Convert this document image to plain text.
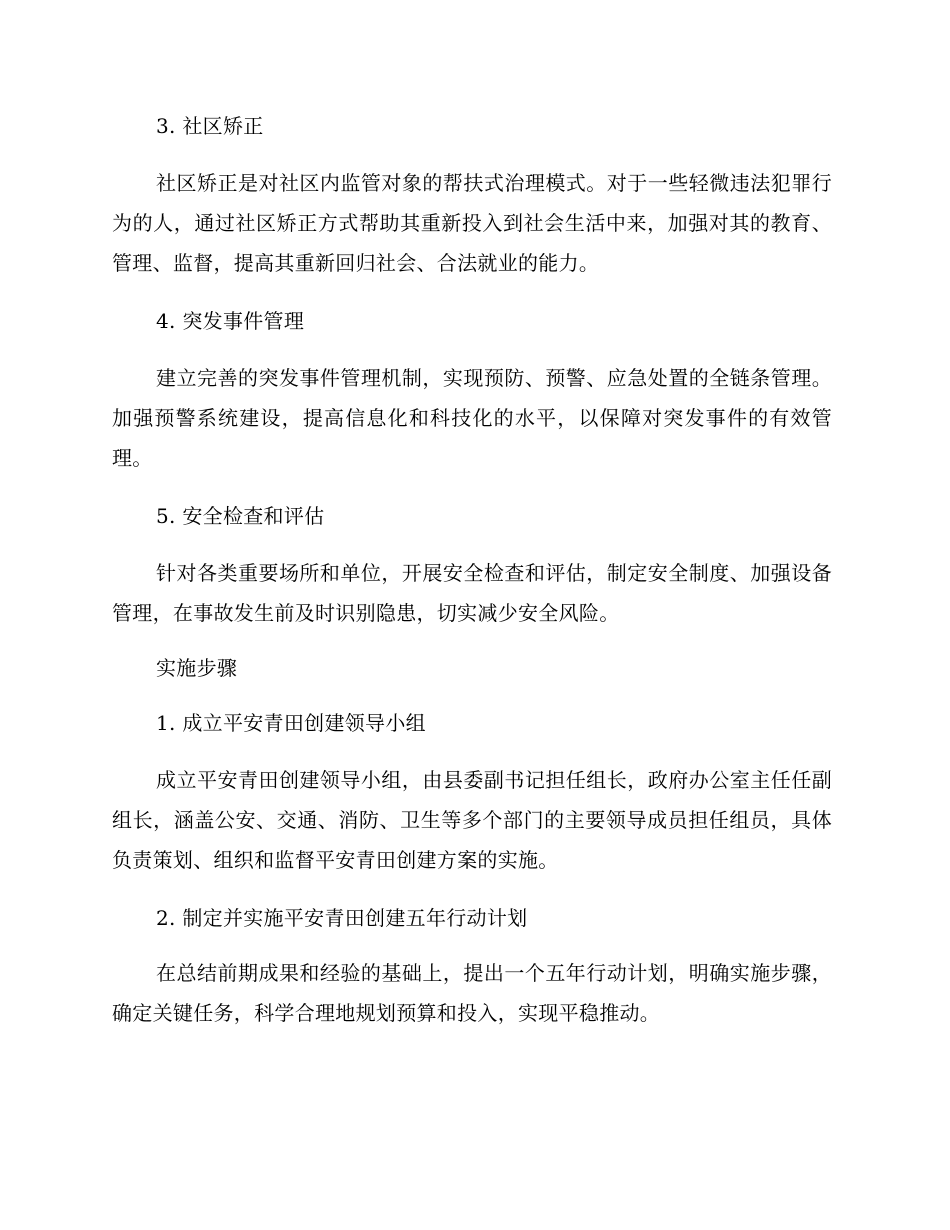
3. 社区矫正
社区矫正是对社区内监管对象的帮扶式治理模式。对于一些轻微违法犯罪行为的人，通过社区矫正方式帮助其重新投入到社会生活中来，加强对其的教育、管理、监督，提高其重新回归社会、合法就业的能力。
4. 突发事件管理
建立完善的突发事件管理机制，实现预防、预警、应急处置的全链条管理。加强预警系统建设，提高信息化和科技化的水平，以保障对突发事件的有效管理。
5. 安全检查和评估
针对各类重要场所和单位，开展安全检查和评估，制定安全制度、加强设备管理，在事故发生前及时识别隐患，切实减少安全风险。
实施步骤
1. 成立平安青田创建领导小组
成立平安青田创建领导小组，由县委副书记担任组长，政府办公室主任任副组长，涵盖公安、交通、消防、卫生等多个部门的主要领导成员担任组员，具体负责策划、组织和监督平安青田创建方案的实施。
2. 制定并实施平安青田创建五年行动计划
在总结前期成果和经验的基础上，提出一个五年行动计划，明确实施步骤，确定关键任务，科学合理地规划预算和投入，实现平稳推动。
